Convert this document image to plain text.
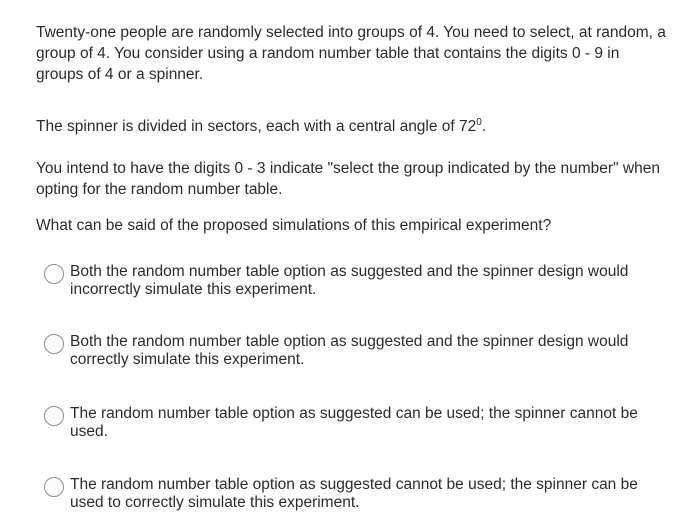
Twenty-one people are randomly selected into groups of 4. You need to select, at random, a group of 4. You consider using a random number table that contains the digits 0 - 9 in groups of 4 or a spinner.

The spinner is divided in sectors, each with a central angle of $72^0$.

You intend to have the digits 0 - 3 indicate "select the group indicated by the number" when opting for the random number table.

What can be said of the proposed simulations of this empirical experiment?

Both the random number table option as suggested and the spinner design would incorrectly simulate this experiment.
Both the random number table option as suggested and the spinner design would correctly simulate this experiment.
The random number table option as suggested can be used; the spinner cannot be used.
The random number table option as suggested cannot be used; the spinner can be used to correctly simulate this experiment.
